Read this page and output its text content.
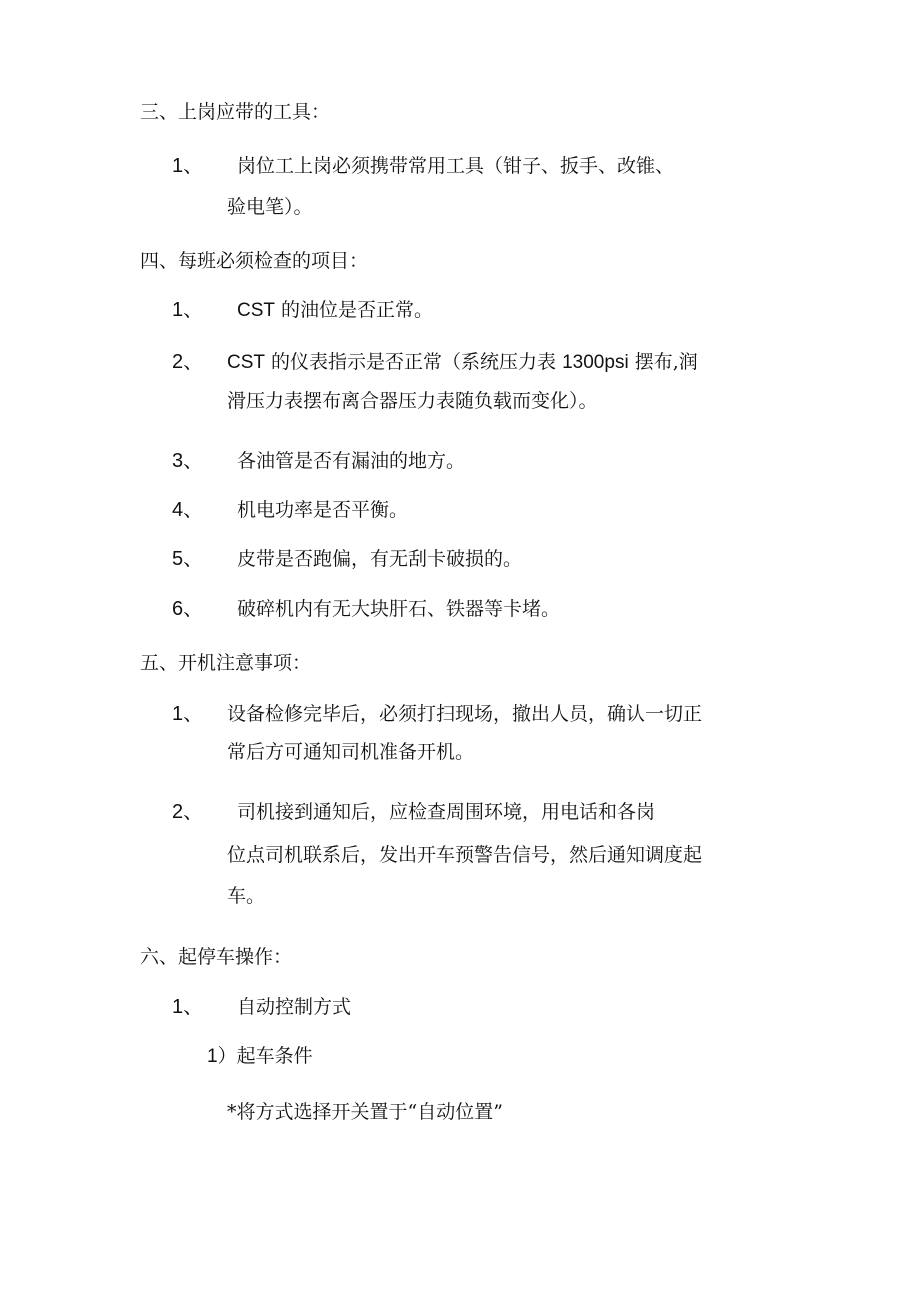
三、上岗应带的工具：
1、 岗位工上岗必须携带常用工具（钳子、扳手、改锥、
验电笔）。
四、每班必须检查的项目：
1、 CST 的油位是否正常。
2、 CST 的仪表指示是否正常（系统压力表 1300psi 摆布,润
滑压力表摆布离合器压力表随负载而变化）。
3、 各油管是否有漏油的地方。
4、 机电功率是否平衡。
5、 皮带是否跑偏，有无刮卡破损的。
6、 破碎机内有无大块肝石、铁器等卡堵。
五、开机注意事项：
1、 设备检修完毕后，必须打扫现场，撤出人员，确认一切正
常后方可通知司机准备开机。
2、 司机接到通知后，应检查周围环境，用电话和各岗
位点司机联系后，发出开车预警告信号，然后通知调度起
车。
六、起停车操作：
1、 自动控制方式
1）起车条件
*将方式选择开关置于“自动位置”
